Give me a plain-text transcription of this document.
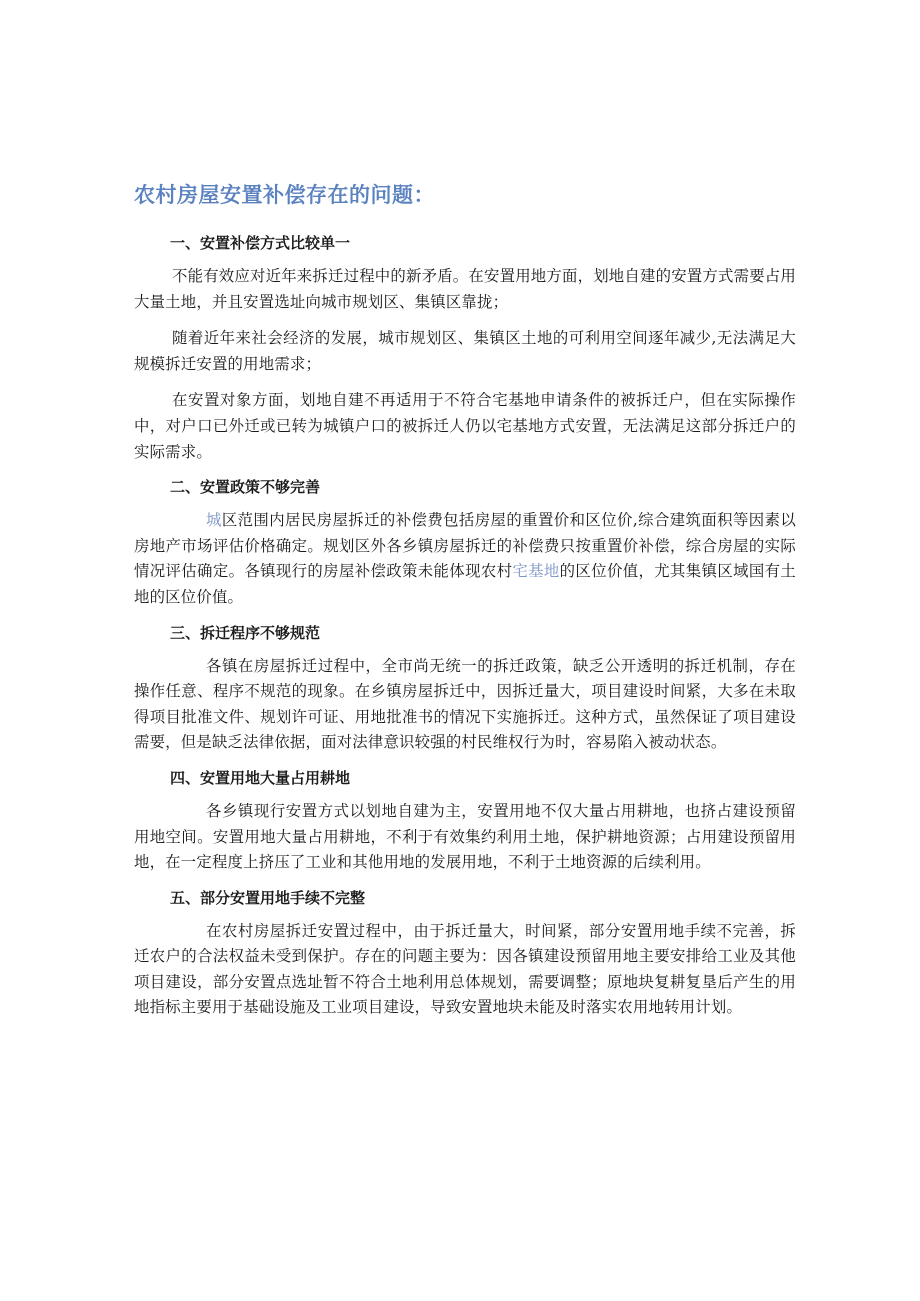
农村房屋安置补偿存在的问题：
一、安置补偿方式比较单一

不能有效应对近年来拆迁过程中的新矛盾。在安置用地方面，划地自建的安置方式需要占用大量土地，并且安置选址向城市规划区、集镇区靠拢；

随着近年来社会经济的发展，城市规划区、集镇区土地的可利用空间逐年减少,无法满足大规模拆迁安置的用地需求；

在安置对象方面，划地自建不再适用于不符合宅基地申请条件的被拆迁户，但在实际操作中，对户口已外迁或已转为城镇户口的被拆迁人仍以宅基地方式安置，无法满足这部分拆迁户的实际需求。

二、安置政策不够完善

城区范围内居民房屋拆迁的补偿费包括房屋的重置价和区位价,综合建筑面积等因素以房地产市场评估价格确定。规划区外各乡镇房屋拆迁的补偿费只按重置价补偿，综合房屋的实际情况评估确定。各镇现行的房屋补偿政策未能体现农村宅基地的区位价值，尤其集镇区域国有土地的区位价值。

三、拆迁程序不够规范

各镇在房屋拆迁过程中，全市尚无统一的拆迁政策，缺乏公开透明的拆迁机制，存在操作任意、程序不规范的现象。在乡镇房屋拆迁中，因拆迁量大，项目建设时间紧，大多在未取得项目批准文件、规划许可证、用地批准书的情况下实施拆迁。这种方式，虽然保证了项目建设需要，但是缺乏法律依据，面对法律意识较强的村民维权行为时，容易陷入被动状态。

四、安置用地大量占用耕地

各乡镇现行安置方式以划地自建为主，安置用地不仅大量占用耕地，也挤占建设预留用地空间。安置用地大量占用耕地，不利于有效集约利用土地，保护耕地资源；占用建设预留用地，在一定程度上挤压了工业和其他用地的发展用地，不利于土地资源的后续利用。

五、部分安置用地手续不完整

在农村房屋拆迁安置过程中，由于拆迁量大，时间紧，部分安置用地手续不完善，拆迁农户的合法权益未受到保护。存在的问题主要为：因各镇建设预留用地主要安排给工业及其他项目建设，部分安置点选址暂不符合土地利用总体规划，需要调整；原地块复耕复垦后产生的用地指标主要用于基础设施及工业项目建设，导致安置地块未能及时落实农用地转用计划。
